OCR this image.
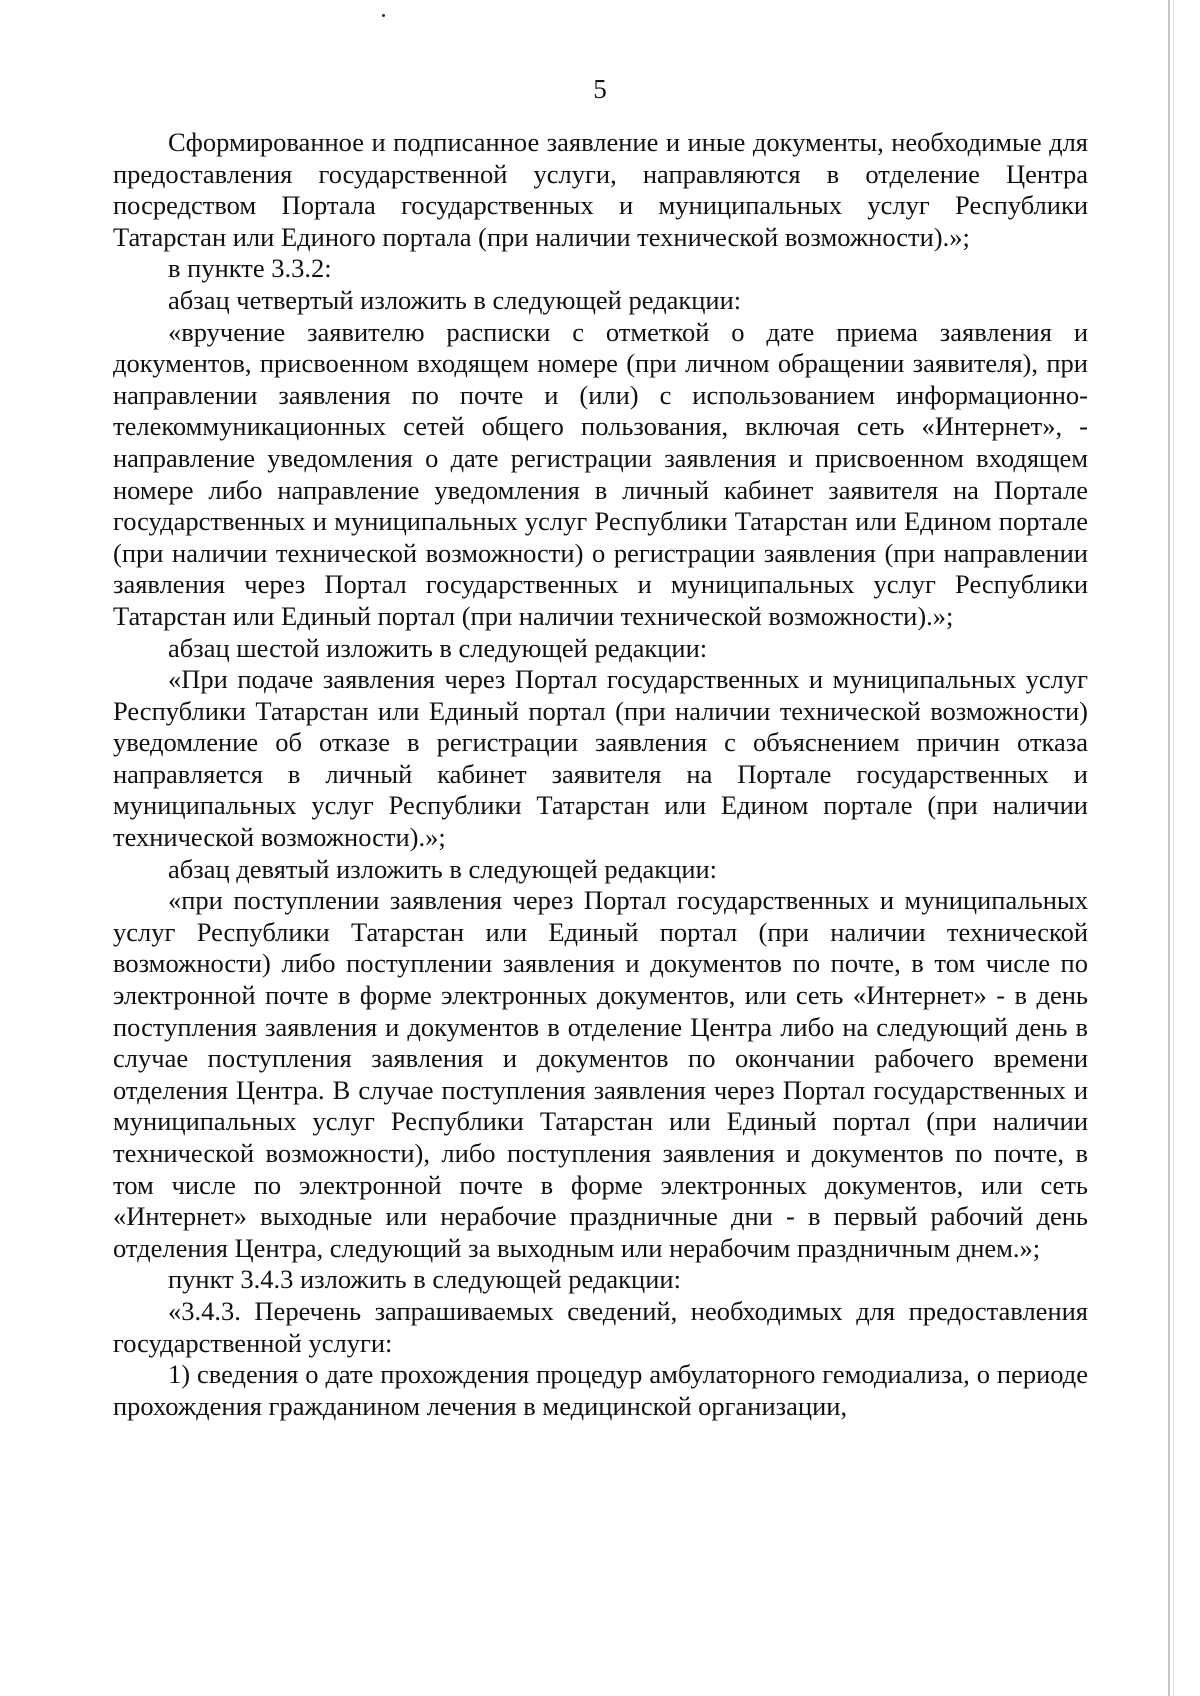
5

Сформированное и подписанное заявление и иные документы, необходимые для предоставления государственной услуги, направляются в отделение Центра посредством Портала государственных и муниципальных услуг Республики Татарстан или Единого портала (при наличии технической возможности).»;

в пункте 3.3.2:

абзац четвертый изложить в следующей редакции:

«вручение заявителю расписки с отметкой о дате приема заявления и документов, присвоенном входящем номере (при личном обращении заявителя), при направлении заявления по почте и (или) с использованием информационно-телекоммуникационных сетей общего пользования, включая сеть «Интернет», - направление уведомления о дате регистрации заявления и присвоенном входящем номере либо направление уведомления в личный кабинет заявителя на Портале государственных и муниципальных услуг Республики Татарстан или Едином портале (при наличии технической возможности) о регистрации заявления (при направлении заявления через Портал государственных и муниципальных услуг Республики Татарстан или Единый портал (при наличии технической возможности).»;

абзац шестой изложить в следующей редакции:

«При подаче заявления через Портал государственных и муниципальных услуг Республики Татарстан или Единый портал (при наличии технической возможности) уведомление об отказе в регистрации заявления с объяснением причин отказа направляется в личный кабинет заявителя на Портале государственных и муниципальных услуг Республики Татарстан или Едином портале (при наличии технической возможности).»;

абзац девятый изложить в следующей редакции:

«при поступлении заявления через Портал государственных и муниципальных услуг Республики Татарстан или Единый портал (при наличии технической возможности) либо поступлении заявления и документов по почте, в том числе по электронной почте в форме электронных документов, или сеть «Интернет» - в день поступления заявления и документов в отделение Центра либо на следующий день в случае поступления заявления и документов по окончании рабочего времени отделения Центра. В случае поступления заявления через Портал государственных и муниципальных услуг Республики Татарстан или Единый портал (при наличии технической возможности), либо поступления заявления и документов по почте, в том числе по электронной почте в форме электронных документов, или сеть «Интернет» выходные или нерабочие праздничные дни - в первый рабочий день отделения Центра, следующий за выходным или нерабочим праздничным днем.»;

пункт 3.4.3 изложить в следующей редакции:

«3.4.3. Перечень запрашиваемых сведений, необходимых для предоставления государственной услуги:

1) сведения о дате прохождения процедур амбулаторного гемодиализа, о периоде прохождения гражданином лечения в медицинской организации,
